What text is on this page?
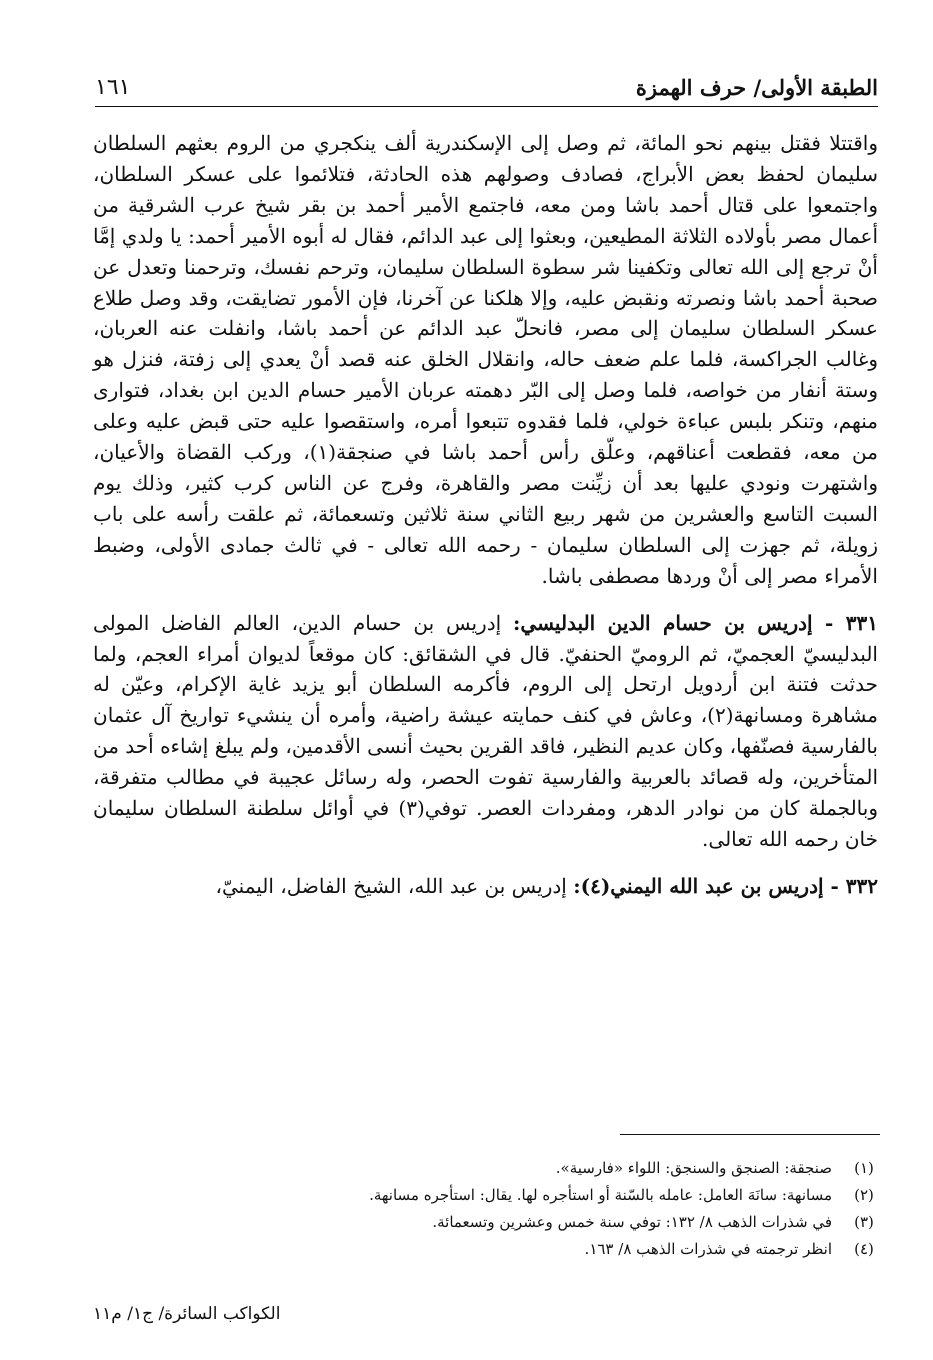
الطبقة الأولى/ حرف الهمزة
١٦١

واقتتلا فقتل بينهم نحو المائة، ثم وصل إلى الإسكندرية ألف ينكجري من الروم بعثهم السلطان سليمان لحفظ بعض الأبراج، فصادف وصولهم هذه الحادثة، فتلائموا على عسكر السلطان، واجتمعوا على قتال أحمد باشا ومن معه، فاجتمع الأمير أحمد بن بقر شيخ عرب الشرقية من أعمال مصر بأولاده الثلاثة المطيعين، وبعثوا إلى عبد الدائم، فقال له أبوه الأمير أحمد: يا ولدي إمَّا أنْ ترجع إلى الله تعالى وتكفينا شر سطوة السلطان سليمان، وترحم نفسك، وترحمنا وتعدل عن صحبة أحمد باشا ونصرته ونقبض عليه، وإلا هلكنا عن آخرنا، فإن الأمور تضايقت، وقد وصل طلاع عسكر السلطان سليمان إلى مصر، فانحلّ عبد الدائم عن أحمد باشا، وانفلت عنه العربان، وغالب الجراكسة، فلما علم ضعف حاله، وانقلال الخلق عنه قصد أنْ يعدي إلى زفتة، فنزل هو وستة أنفار من خواصه، فلما وصل إلى البّر دهمته عربان الأمير حسام الدين ابن بغداد، فتوارى منهم، وتنكر بلبس عباءة خولي، فلما فقدوه تتبعوا أمره، واستقصوا عليه حتى قبض عليه وعلى من معه، فقطعت أعناقهم، وعلّق رأس أحمد باشا في صنجقة(١)، وركب القضاة والأعيان، واشتهرت ونودي عليها بعد أن زيِّنت مصر والقاهرة، وفرج عن الناس كرب كثير، وذلك يوم السبت التاسع والعشرين من شهر ربيع الثاني سنة ثلاثين وتسعمائة، ثم علقت رأسه على باب زويلة، ثم جهزت إلى السلطان سليمان - رحمه الله تعالى - في ثالث جمادى الأولى، وضبط الأمراء مصر إلى أنْ وردها مصطفى باشا.

٣٣١ - إدريس بن حسام الدين البدليسي: إدريس بن حسام الدين، العالم الفاضل المولى البدليسيّ العجميّ، ثم الروميّ الحنفيّ. قال في الشقائق: كان موقعاً لديوان أمراء العجم، ولما حدثت فتنة ابن أردويل ارتحل إلى الروم، فأكرمه السلطان أبو يزيد غاية الإكرام، وعيّن له مشاهرة ومسانهة(٢)، وعاش في كنف حمايته عيشة راضية، وأمره أن ينشيء تواريخ آل عثمان بالفارسية فصنّفها، وكان عديم النظير، فاقد القرين بحيث أنسى الأقدمين، ولم يبلغ إشاءه أحد من المتأخرين، وله قصائد بالعربية والفارسية تفوت الحصر، وله رسائل عجيبة في مطالب متفرقة، وبالجملة كان من نوادر الدهر، ومفردات العصر. توفي(٣) في أوائل سلطنة السلطان سليمان خان رحمه الله تعالى.

٣٣٢ - إدريس بن عبد الله اليمني(٤): إدريس بن عبد الله، الشيخ الفاضل، اليمنيّ،

(١)
صنجقة: الصنجق والسنجق: اللواء «فارسية».
(٢)
مسانهة: سانَهَ العامل: عامله بالسّنة أو استأجره لها. يقال: استأجره مسانهة.
(٣)
في شذرات الذهب ٨/ ١٣٢: توفي سنة خمس وعشرين وتسعمائة.
(٤)
انظر ترجمته في شذرات الذهب ٨/ ١٦٣.
الكواكب السائرة/ ج١/ م١١
